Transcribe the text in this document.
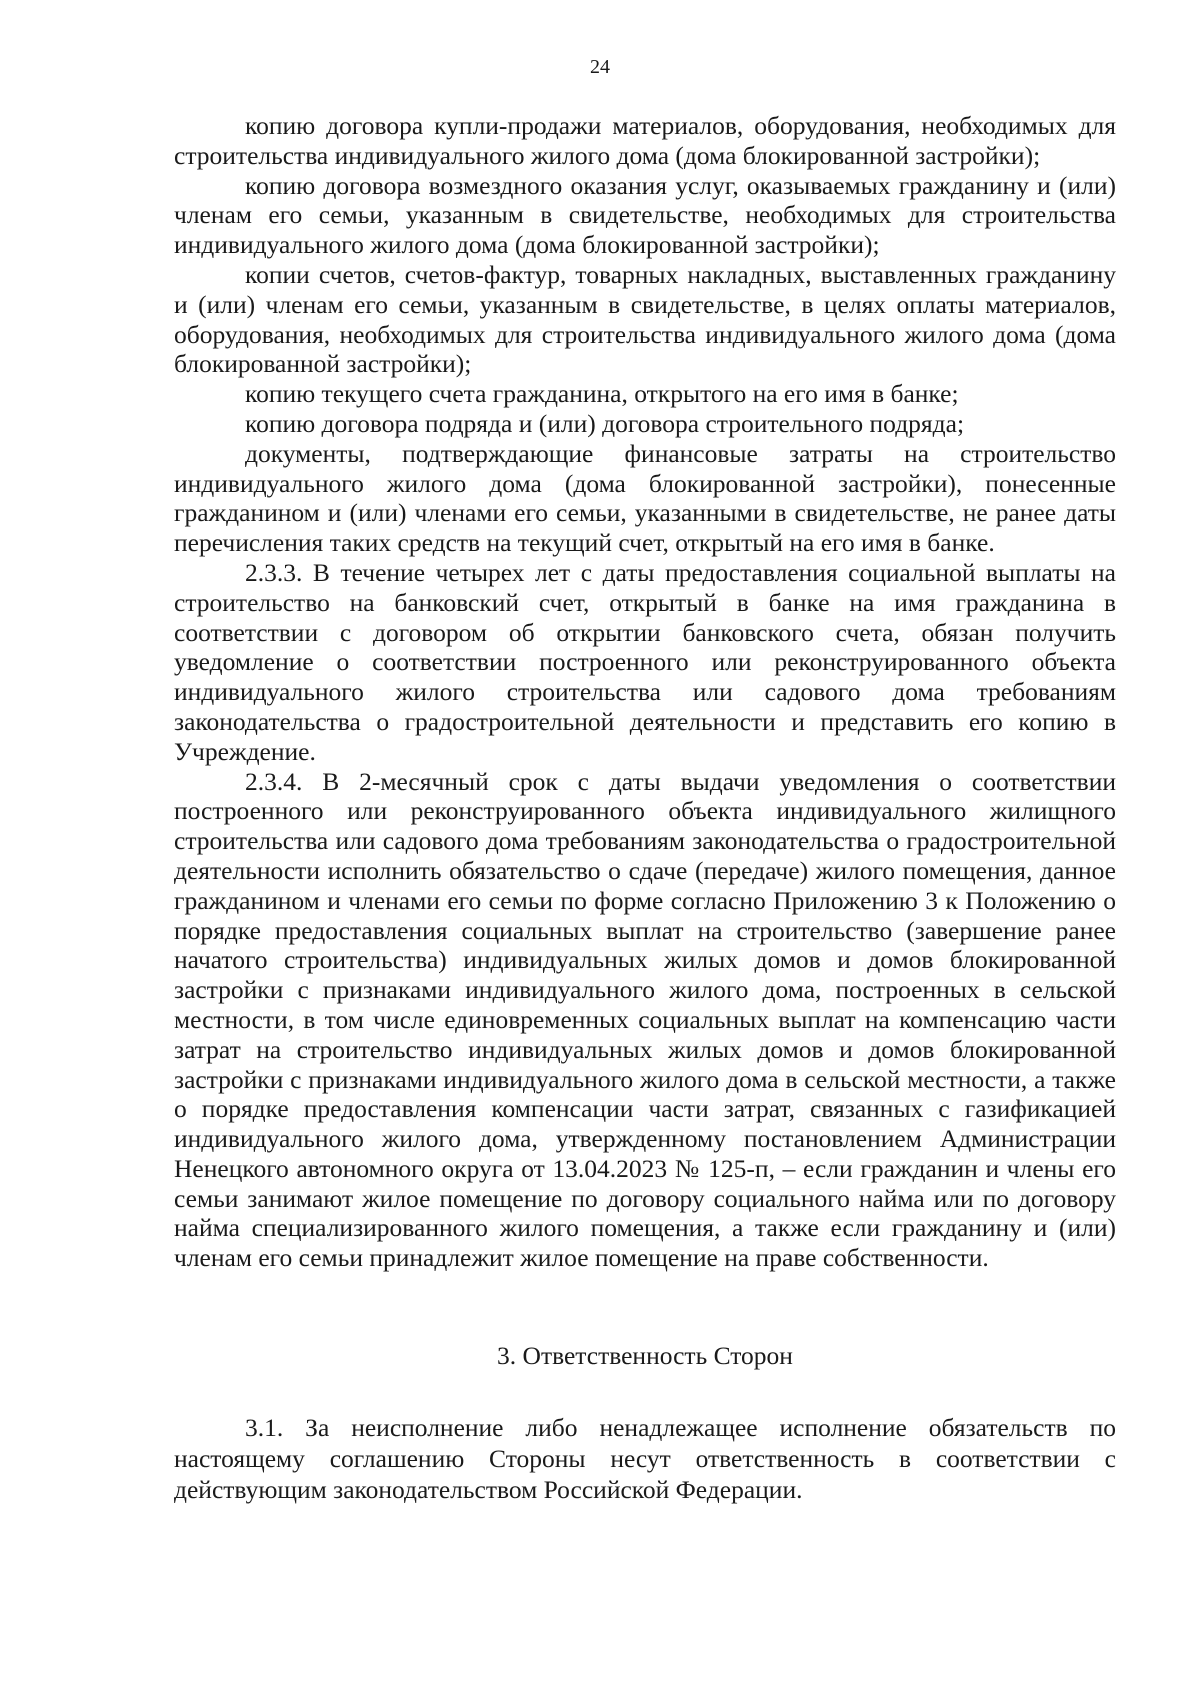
24

копию договора купли-продажи материалов, оборудования, необходимых для строительства индивидуального жилого дома (дома блокированной застройки);

копию договора возмездного оказания услуг, оказываемых гражданину и (или) членам его семьи, указанным в свидетельстве, необходимых для строительства индивидуального жилого дома (дома блокированной застройки);

копии счетов, счетов-фактур, товарных накладных, выставленных гражданину и (или) членам его семьи, указанным в свидетельстве, в целях оплаты материалов, оборудования, необходимых для строительства индивидуального жилого дома (дома блокированной застройки);

копию текущего счета гражданина, открытого на его имя в банке;

копию договора подряда и (или) договора строительного подряда;

документы, подтверждающие финансовые затраты на строительство индивидуального жилого дома (дома блокированной застройки), понесенные гражданином и (или) членами его семьи, указанными в свидетельстве, не ранее даты перечисления таких средств на текущий счет, открытый на его имя в банке.

2.3.3. В течение четырех лет с даты предоставления социальной выплаты на строительство на банковский счет, открытый в банке на имя гражданина в соответствии с договором об открытии банковского счета, обязан получить уведомление о соответствии построенного или реконструированного объекта индивидуального жилого строительства или садового дома требованиям законодательства о градостроительной деятельности и представить его копию в Учреждение.

2.3.4. В 2-месячный срок с даты выдачи уведомления о соответствии построенного или реконструированного объекта индивидуального жилищного строительства или садового дома требованиям законодательства о градостроительной деятельности исполнить обязательство о сдаче (передаче) жилого помещения, данное гражданином и членами его семьи по форме согласно Приложению 3 к Положению о порядке предоставления социальных выплат на строительство (завершение ранее начатого строительства) индивидуальных жилых домов и домов блокированной застройки с признаками индивидуального жилого дома, построенных в сельской местности, в том числе единовременных социальных выплат на компенсацию части затрат на строительство индивидуальных жилых домов и домов блокированной застройки с признаками индивидуального жилого дома в сельской местности, а также о порядке предоставления компенсации части затрат, связанных с газификацией индивидуального жилого дома, утвержденному постановлением Администрации Ненецкого автономного округа от 13.04.2023 № 125-п, – если гражданин и члены его семьи занимают жилое помещение по договору социального найма или по договору найма специализированного жилого помещения, а также если гражданину и (или) членам его семьи принадлежит жилое помещение на праве собственности.

3. Ответственность Сторон

3.1. За неисполнение либо ненадлежащее исполнение обязательств по настоящему соглашению Стороны несут ответственность в соответствии с действующим законодательством Российской Федерации.
